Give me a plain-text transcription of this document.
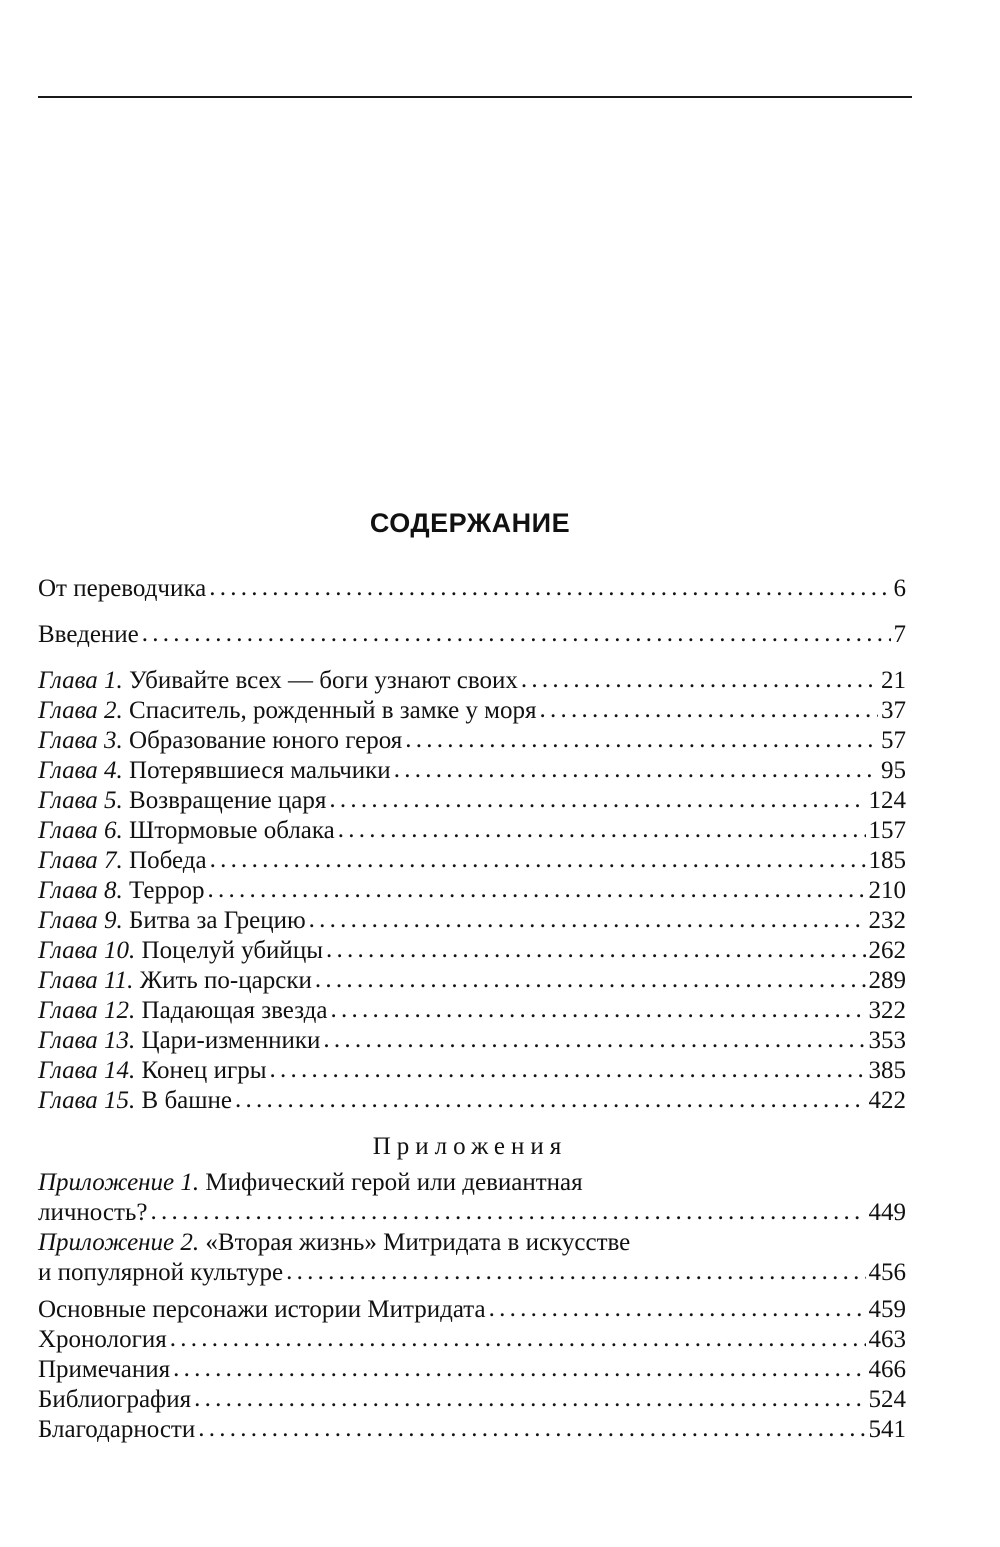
СОДЕРЖАНИЕ
От переводчика . . .	6
Введение . . .	7
Глава 1. Убивайте всех — боги узнают своих . . .	21
Глава 2. Спаситель, рожденный в замке у моря . . .	37
Глава 3. Образование юного героя . . .	57
Глава 4. Потерявшиеся мальчики . . .	95
Глава 5. Возвращение царя . . .	124
Глава 6. Штормовые облака . . .	157
Глава 7. Победа . . .	185
Глава 8. Террор . . .	210
Глава 9. Битва за Грецию . . .	232
Глава 10. Поцелуй убийцы . . .	262
Глава 11. Жить по-царски . . .	289
Глава 12. Падающая звезда . . .	322
Глава 13. Цари-изменники . . .	353
Глава 14. Конец игры . . .	385
Глава 15. В башне . . .	422
Приложения
Приложение 1. Мифический герой или девиантная
личность? . . .	449
Приложение 2. «Вторая жизнь» Митридата в искусстве
и популярной культуре . . .	456
Основные персонажи истории Митридата . . .	459
Хронология . . .	463
Примечания . . .	466
Библиография . . .	524
Благодарности . . .	541
